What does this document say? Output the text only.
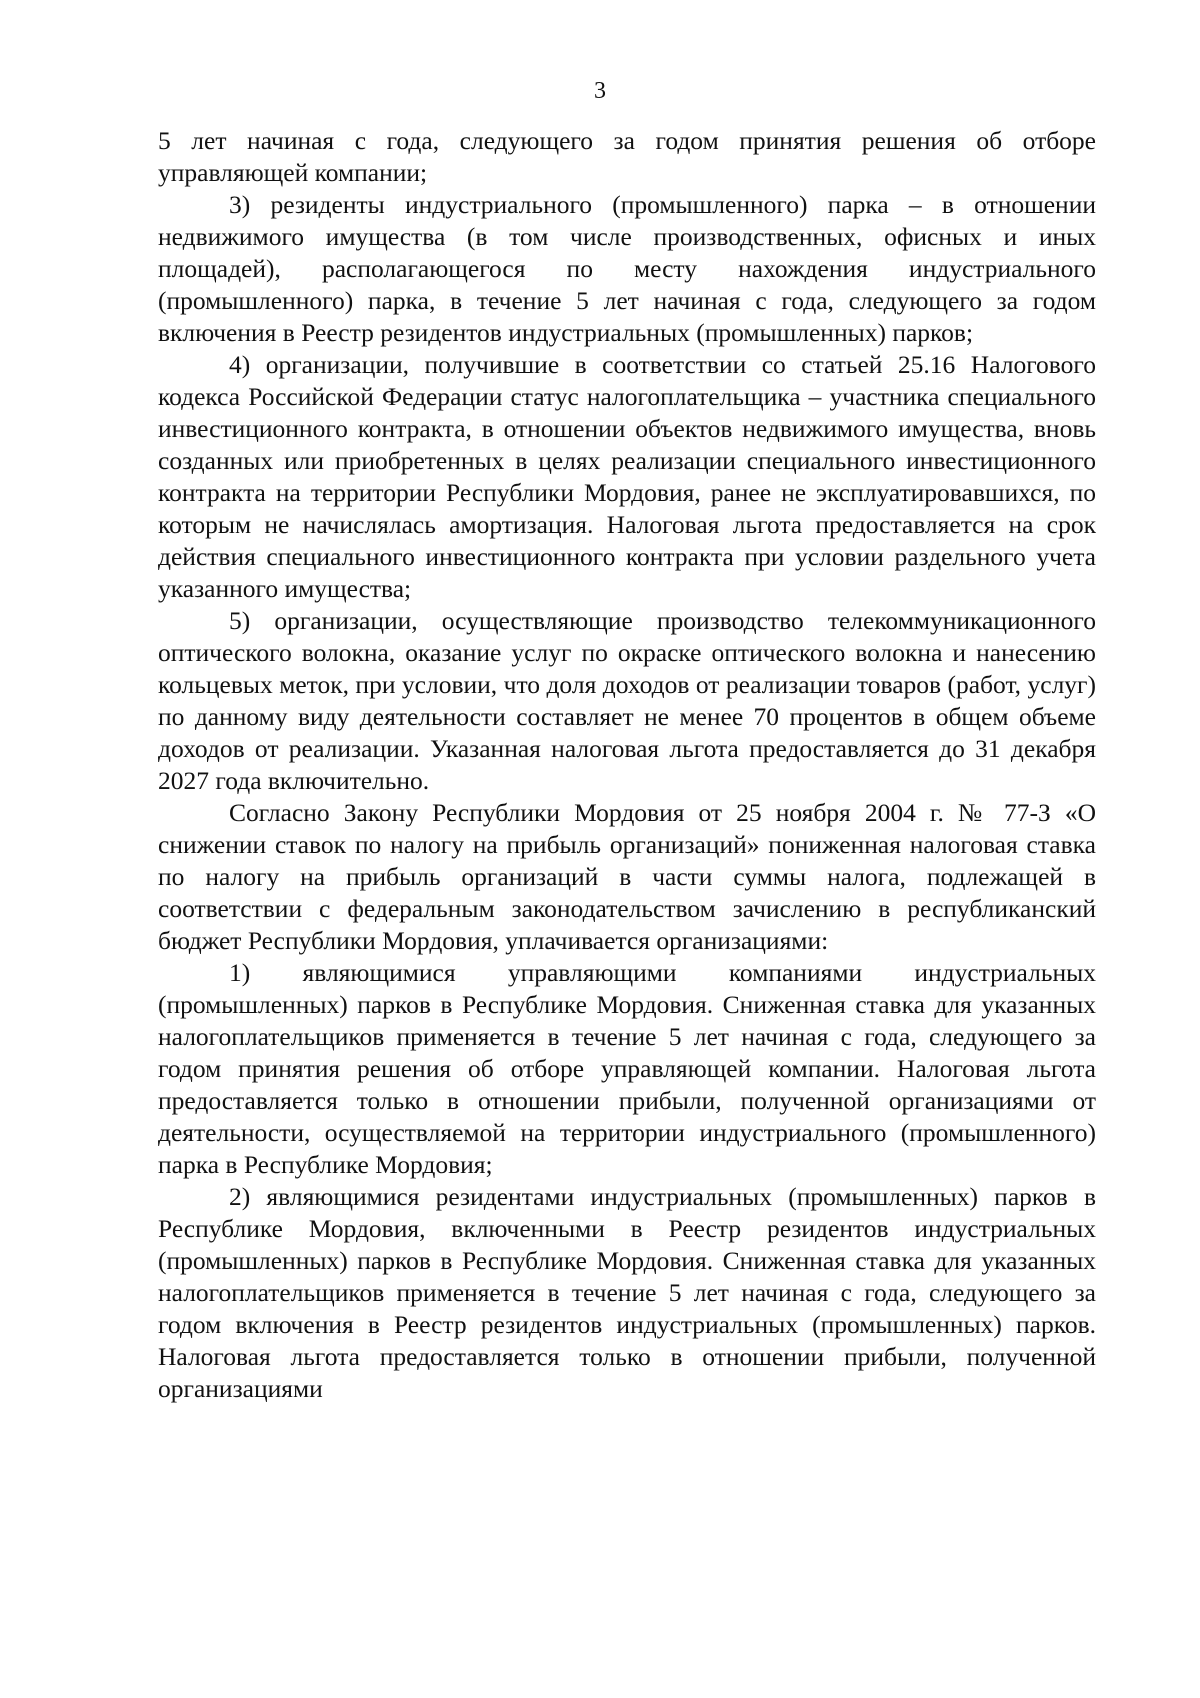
3

5 лет начиная с года, следующего за годом принятия решения об отборе управляющей компании;

3) резиденты индустриального (промышленного) парка – в отношении недвижимого имущества (в том числе производственных, офисных и иных площадей), располагающегося по месту нахождения индустриального (промышленного) парка, в течение 5 лет начиная с года, следующего за годом включения в Реестр резидентов индустриальных (промышленных) парков;

4) организации, получившие в соответствии со статьей 25.16 Налогового кодекса Российской Федерации статус налогоплательщика – участника специального инвестиционного контракта, в отношении объектов недвижимого имущества, вновь созданных или приобретенных в целях реализации специального инвестиционного контракта на территории Республики Мордовия, ранее не эксплуатировавшихся, по которым не начислялась амортизация. Налоговая льгота предоставляется на срок действия специального инвестиционного контракта при условии раздельного учета указанного имущества;

5) организации, осуществляющие производство телекоммуникационного оптического волокна, оказание услуг по окраске оптического волокна и нанесению кольцевых меток, при условии, что доля доходов от реализации товаров (работ, услуг) по данному виду деятельности составляет не менее 70 процентов в общем объеме доходов от реализации. Указанная налоговая льгота предоставляется до 31 декабря 2027 года включительно.

Согласно Закону Республики Мордовия от 25 ноября 2004 г. № 77-З «О снижении ставок по налогу на прибыль организаций» пониженная налоговая ставка по налогу на прибыль организаций в части суммы налога, подлежащей в соответствии с федеральным законодательством зачислению в республиканский бюджет Республики Мордовия, уплачивается организациями:

1) являющимися управляющими компаниями индустриальных (промышленных) парков в Республике Мордовия. Сниженная ставка для указанных налогоплательщиков применяется в течение 5 лет начиная с года, следующего за годом принятия решения об отборе управляющей компании. Налоговая льгота предоставляется только в отношении прибыли, полученной организациями от деятельности, осуществляемой на территории индустриального (промышленного) парка в Республике Мордовия;

2) являющимися резидентами индустриальных (промышленных) парков в Республике Мордовия, включенными в Реестр резидентов индустриальных (промышленных) парков в Республике Мордовия. Сниженная ставка для указанных налогоплательщиков применяется в течение 5 лет начиная с года, следующего за годом включения в Реестр резидентов индустриальных (промышленных) парков. Налоговая льгота предоставляется только в отношении прибыли, полученной организациями
